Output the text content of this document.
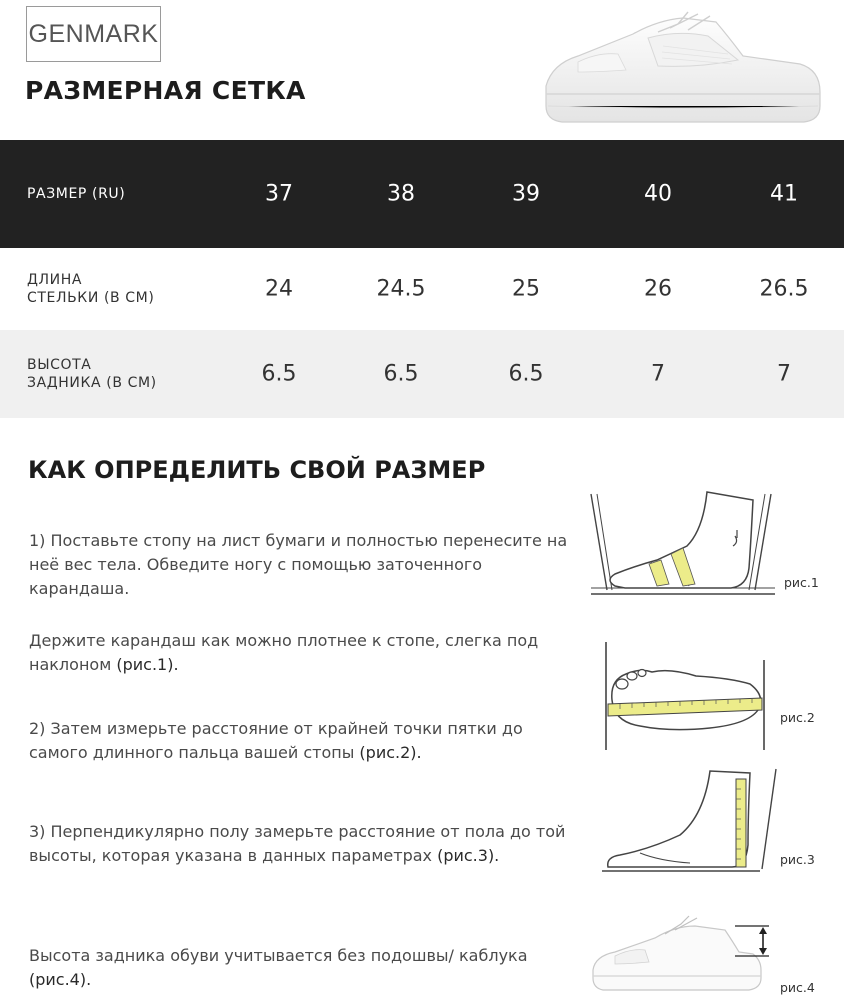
GENMARK
РАЗМЕРНАЯ СЕТКА
РАЗМЕР (RU)	37	38	39	40	41
ДЛИНА
СТЕЛЬКИ (В СМ)	24	24.5	25	26	26.5
ВЫСОТА
ЗАДНИКА (В СМ)	6.5	6.5	6.5	7	7
КАК ОПРЕДЕЛИТЬ СВОЙ РАЗМЕР
1) Поставьте стопу на лист бумаги и полностью перенесите на неё вес тела. Обведите ногу с помощью заточенного карандаша.
Держите карандаш как можно плотнее к стопе, слегка под наклоном (рис.1).
2) Затем измерьте расстояние от крайней точки пятки до самого длинного пальца вашей стопы (рис.2).
3) Перпендикулярно полу замерьте расстояние от пола до той высоты, которая указана в данных параметрах (рис.3).
Высота задника обуви учитывается без подошвы/ каблука (рис.4).
рис.1
рис.2
рис.3
рис.4
